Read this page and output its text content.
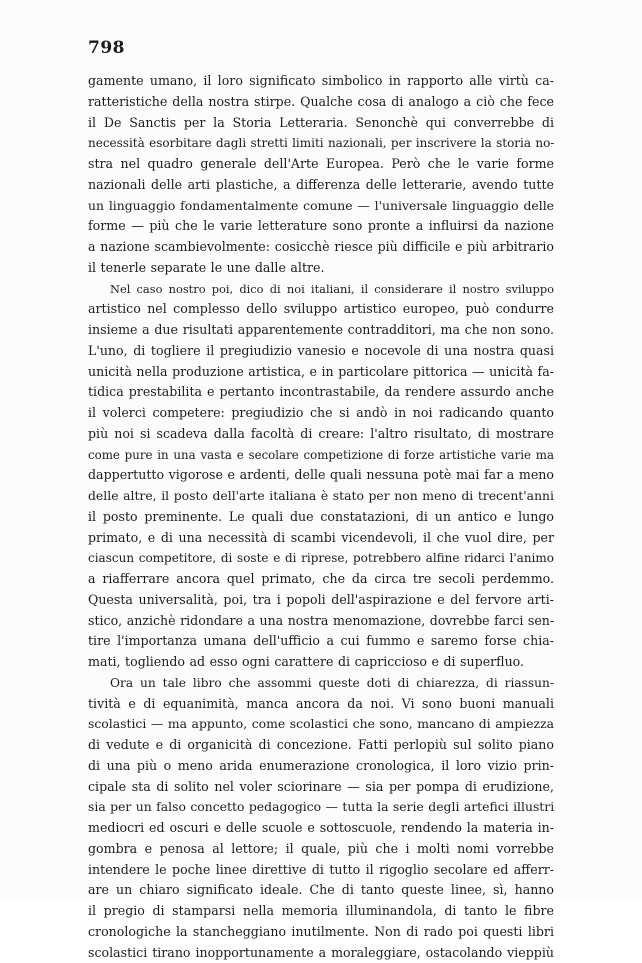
798
gamente umano, il loro significato simbolico in rapporto alle virtù ca-
ratteristiche della nostra stirpe. Qualche cosa di analogo a ciò che fece
il De Sanctis per la Storia Letteraria. Senonchè qui converrebbe di
necessità esorbitare dagli stretti limiti nazionali, per inscrivere la storia no-
stra nel quadro generale dell'Arte Europea. Però che le varie forme
nazionali delle arti plastiche, a differenza delle letterarie, avendo tutte
un linguaggio fondamentalmente comune — l'universale linguaggio delle
forme — più che le varie letterature sono pronte a influirsi da nazione
a nazione scambievolmente: cosicchè riesce più difficile e più arbitrario
il tenerle separate le une dalle altre.
Nel caso nostro poi, dico di noi italiani, il considerare il nostro sviluppo
artistico nel complesso dello sviluppo artistico europeo, può condurre
insieme a due risultati apparentemente contradditori, ma che non sono.
L'uno, di togliere il pregiudizio vanesio e nocevole di una nostra quasi
unicità nella produzione artistica, e in particolare pittorica — unicità fa-
tidica prestabilita e pertanto incontrastabile, da rendere assurdo anche
il volerci competere: pregiudizio che si andò in noi radicando quanto
più noi si scadeva dalla facoltà di creare: l'altro risultato, di mostrare
come pure in una vasta e secolare competizione di forze artistiche varie ma
dappertutto vigorose e ardenti, delle quali nessuna potè mai far a meno
delle altre, il posto dell'arte italiana è stato per non meno di trecent'anni
il posto preminente. Le quali due constatazioni, di un antico e lungo
primato, e di una necessità di scambi vicendevoli, il che vuol dire, per
ciascun competitore, di soste e di riprese, potrebbero alfine ridarci l'animo
a riafferrare ancora quel primato, che da circa tre secoli perdemmo.
Questa universalità, poi, tra i popoli dell'aspirazione e del fervore arti-
stico, anzichè ridondare a una nostra menomazione, dovrebbe farci sen-
tire l'importanza umana dell'ufficio a cui fummo e saremo forse chia-
mati, togliendo ad esso ogni carattere di capriccioso e di superfluo.
Ora un tale libro che assommi queste doti di chiarezza, di riassun-
tività e di equanimità, manca ancora da noi. Vi sono buoni manuali
scolastici — ma appunto, come scolastici che sono, mancano di ampiezza
di vedute e di organicità di concezione. Fatti perlopiù sul solito piano
di una più o meno arida enumerazione cronologica, il loro vizio prin-
cipale sta di solito nel voler sciorinare — sia per pompa di erudizione,
sia per un falso concetto pedagogico — tutta la serie degli artefici illustri
mediocri ed oscuri e delle scuole e sottoscuole, rendendo la materia in-
gombra e penosa al lettore; il quale, più che i molti nomi vorrebbe
intendere le poche linee direttive di tutto il rigoglio secolare ed afferr-
are un chiaro significato ideale. Che di tanto queste linee, sì, hanno
il pregio di stamparsi nella memoria illuminandola, di tanto le fibre
cronologiche la stancheggiano inutilmente. Non di rado poi questi libri
scolastici tirano inopportunamente a moraleggiare, ostacolando vieppiù
